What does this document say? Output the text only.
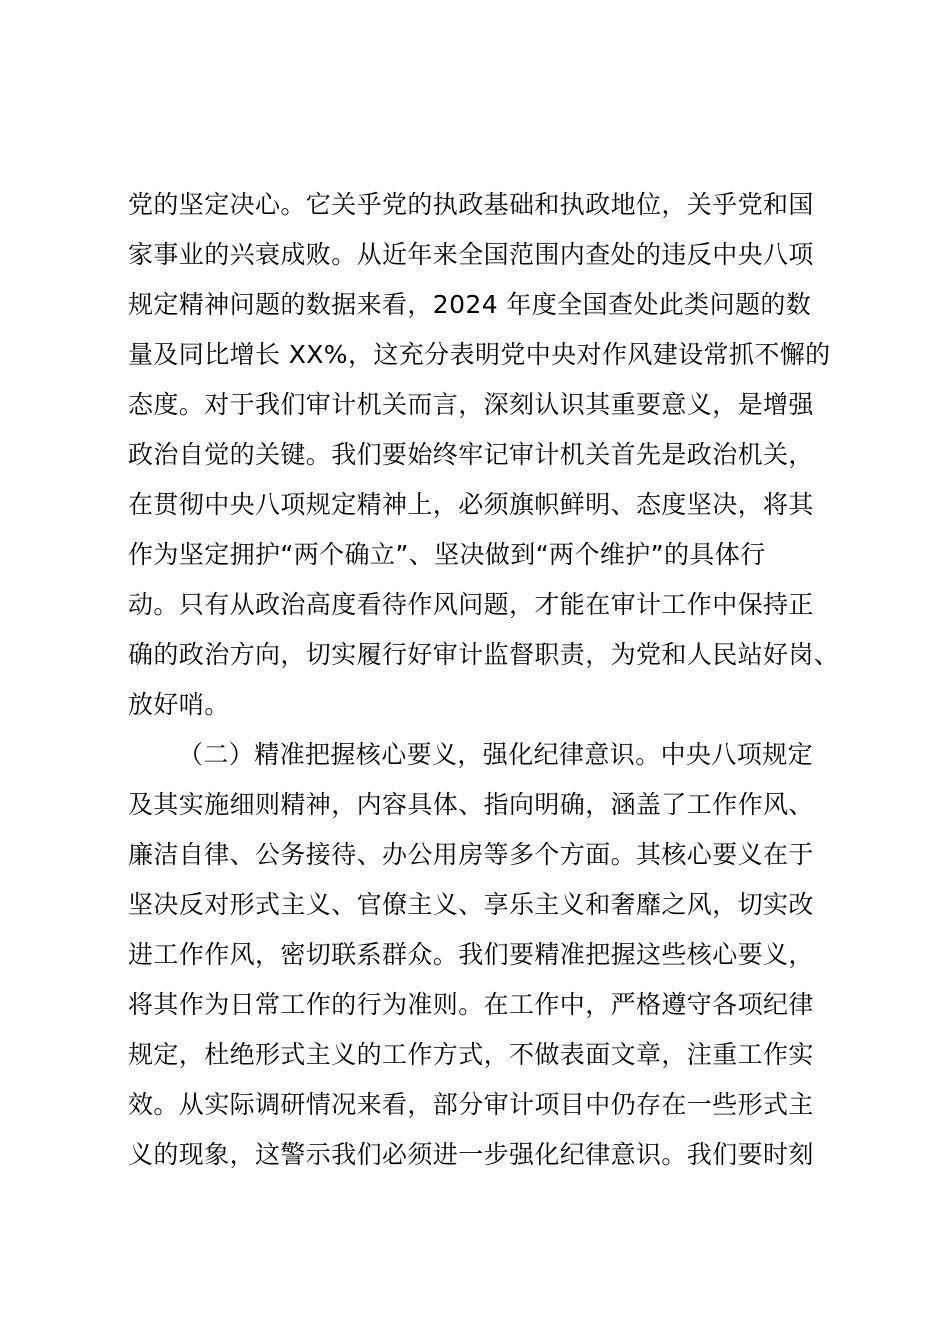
党的坚定决心。它关乎党的执政基础和执政地位，关乎党和国
家事业的兴衰成败。从近年来全国范围内查处的违反中央八项
规定精神问题的数据来看，2024 年度全国查处此类问题的数
量及同比增长 XX%，这充分表明党中央对作风建设常抓不懈的
态度。对于我们审计机关而言，深刻认识其重要意义，是增强
政治自觉的关键。我们要始终牢记审计机关首先是政治机关，
在贯彻中央八项规定精神上，必须旗帜鲜明、态度坚决，将其
作为坚定拥护“两个确立”、坚决做到“两个维护”的具体行
动。只有从政治高度看待作风问题，才能在审计工作中保持正
确的政治方向，切实履行好审计监督职责，为党和人民站好岗、
放好哨。
（二）精准把握核心要义，强化纪律意识。中央八项规定
及其实施细则精神，内容具体、指向明确，涵盖了工作作风、
廉洁自律、公务接待、办公用房等多个方面。其核心要义在于
坚决反对形式主义、官僚主义、享乐主义和奢靡之风，切实改
进工作作风，密切联系群众。我们要精准把握这些核心要义，
将其作为日常工作的行为准则。在工作中，严格遵守各项纪律
规定，杜绝形式主义的工作方式，不做表面文章，注重工作实
效。从实际调研情况来看，部分审计项目中仍存在一些形式主
义的现象，这警示我们必须进一步强化纪律意识。我们要时刻
